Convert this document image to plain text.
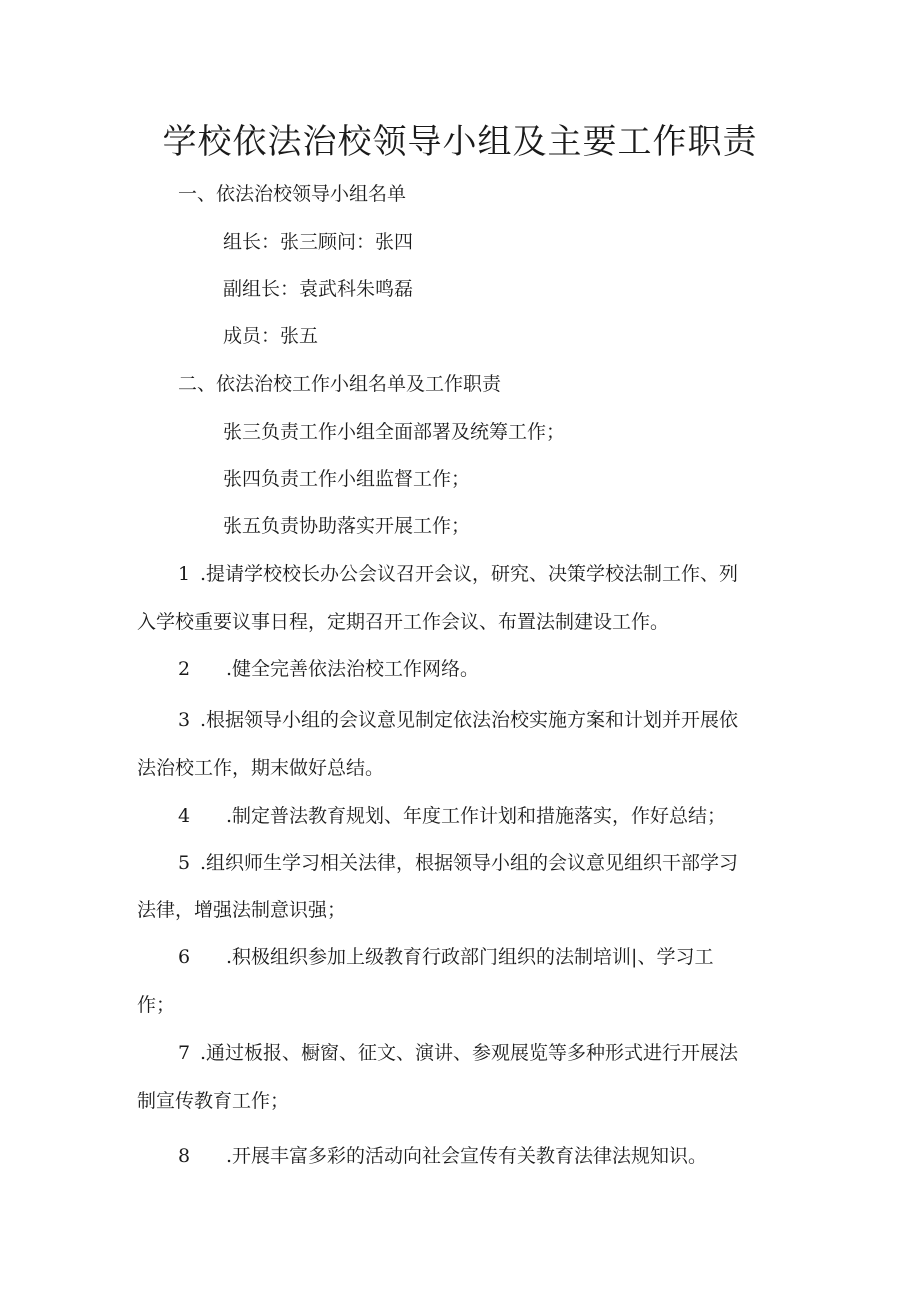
学校依法治校领导小组及主要工作职责
一、依法治校领导小组名单
组长：张三顾问：张四
副组长：袁武科朱鸣磊
成员：张五
二、依法治校工作小组名单及工作职责
张三负责工作小组全面部署及统筹工作；
张四负责工作小组监督工作；
张五负责协助落实开展工作；
1 .提请学校校长办公会议召开会议，研究、决策学校法制工作、列
入学校重要议事日程，定期召开工作会议、布置法制建设工作。
2 .健全完善依法治校工作网络。
3 .根据领导小组的会议意见制定依法治校实施方案和计划并开展依
法治校工作，期末做好总结。
4 .制定普法教育规划、年度工作计划和措施落实，作好总结；
5 .组织师生学习相关法律，根据领导小组的会议意见组织干部学习
法律，增强法制意识强；
6 .积极组织参加上级教育行政部门组织的法制培训|、学习工
作；
7 .通过板报、橱窗、征文、演讲、参观展览等多种形式进行开展法
制宣传教育工作；
8 .开展丰富多彩的活动向社会宣传有关教育法律法规知识。
